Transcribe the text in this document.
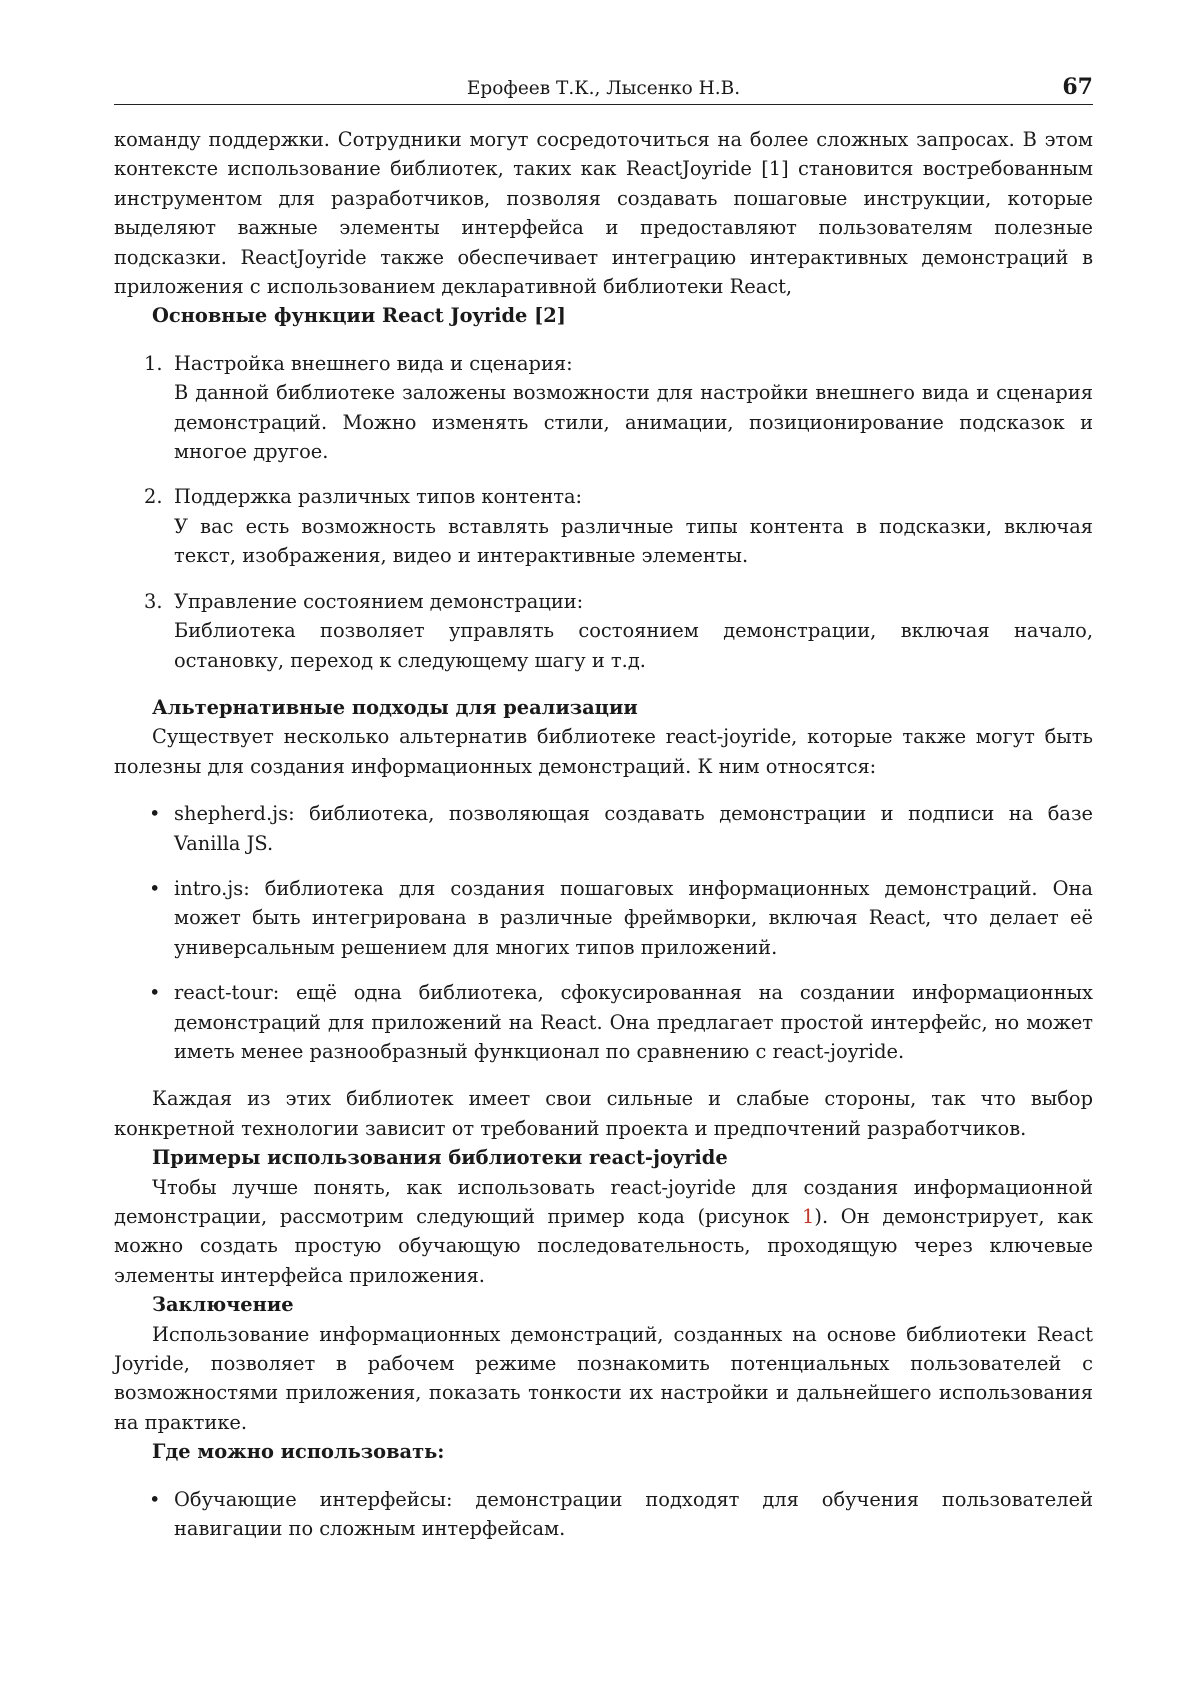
Ерофеев Т.К., Лысенко Н.В.	67

команду поддержки. Сотрудники могут сосредоточиться на более сложных запросах. В этом контексте использование библиотек, таких как ReactJoyride [1] становится востребованным инструментом для разработчиков, позволяя создавать пошаговые инструкции, которые выделяют важные элементы интерфейса и предоставляют пользователям полезные подсказки. ReactJoyride также обеспечивает интеграцию интерактивных демонстраций в приложения с использованием декларативной библиотеки React,

Основные функции React Joyride [2]

1. Настройка внешнего вида и сценария:
В данной библиотеке заложены возможности для настройки внешнего вида и сценария демонстраций. Можно изменять стили, анимации, позиционирование подсказок и многое другое.
2. Поддержка различных типов контента:
У вас есть возможность вставлять различные типы контента в подсказки, включая текст, изображения, видео и интерактивные элементы.
3. Управление состоянием демонстрации:
Библиотека позволяет управлять состоянием демонстрации, включая начало, остановку, переход к следующему шагу и т.д.

Альтернативные подходы для реализации

Существует несколько альтернатив библиотеке react-joyride, которые также могут быть полезны для создания информационных демонстраций. К ним относятся:

• shepherd.js: библиотека, позволяющая создавать демонстрации и подписи на базе Vanilla JS.
• intro.js: библиотека для создания пошаговых информационных демонстраций. Она может быть интегрирована в различные фреймворки, включая React, что делает её универсальным решением для многих типов приложений.
• react-tour: ещё одна библиотека, сфокусированная на создании информационных демонстраций для приложений на React. Она предлагает простой интерфейс, но может иметь менее разнообразный функционал по сравнению с react-joyride.

Каждая из этих библиотек имеет свои сильные и слабые стороны, так что выбор конкретной технологии зависит от требований проекта и предпочтений разработчиков.

Примеры использования библиотеки react-joyride

Чтобы лучше понять, как использовать react-joyride для создания информационной демонстрации, рассмотрим следующий пример кода (рисунок 1). Он демонстрирует, как можно создать простую обучающую последовательность, проходящую через ключевые элементы интерфейса приложения.

Заключение

Использование информационных демонстраций, созданных на основе библиотеки React Joyride, позволяет в рабочем режиме познакомить потенциальных пользователей с возможностями приложения, показать тонкости их настройки и дальнейшего использования на практике.

Где можно использовать:

• Обучающие интерфейсы: демонстрации подходят для обучения пользователей навигации по сложным интерфейсам.
